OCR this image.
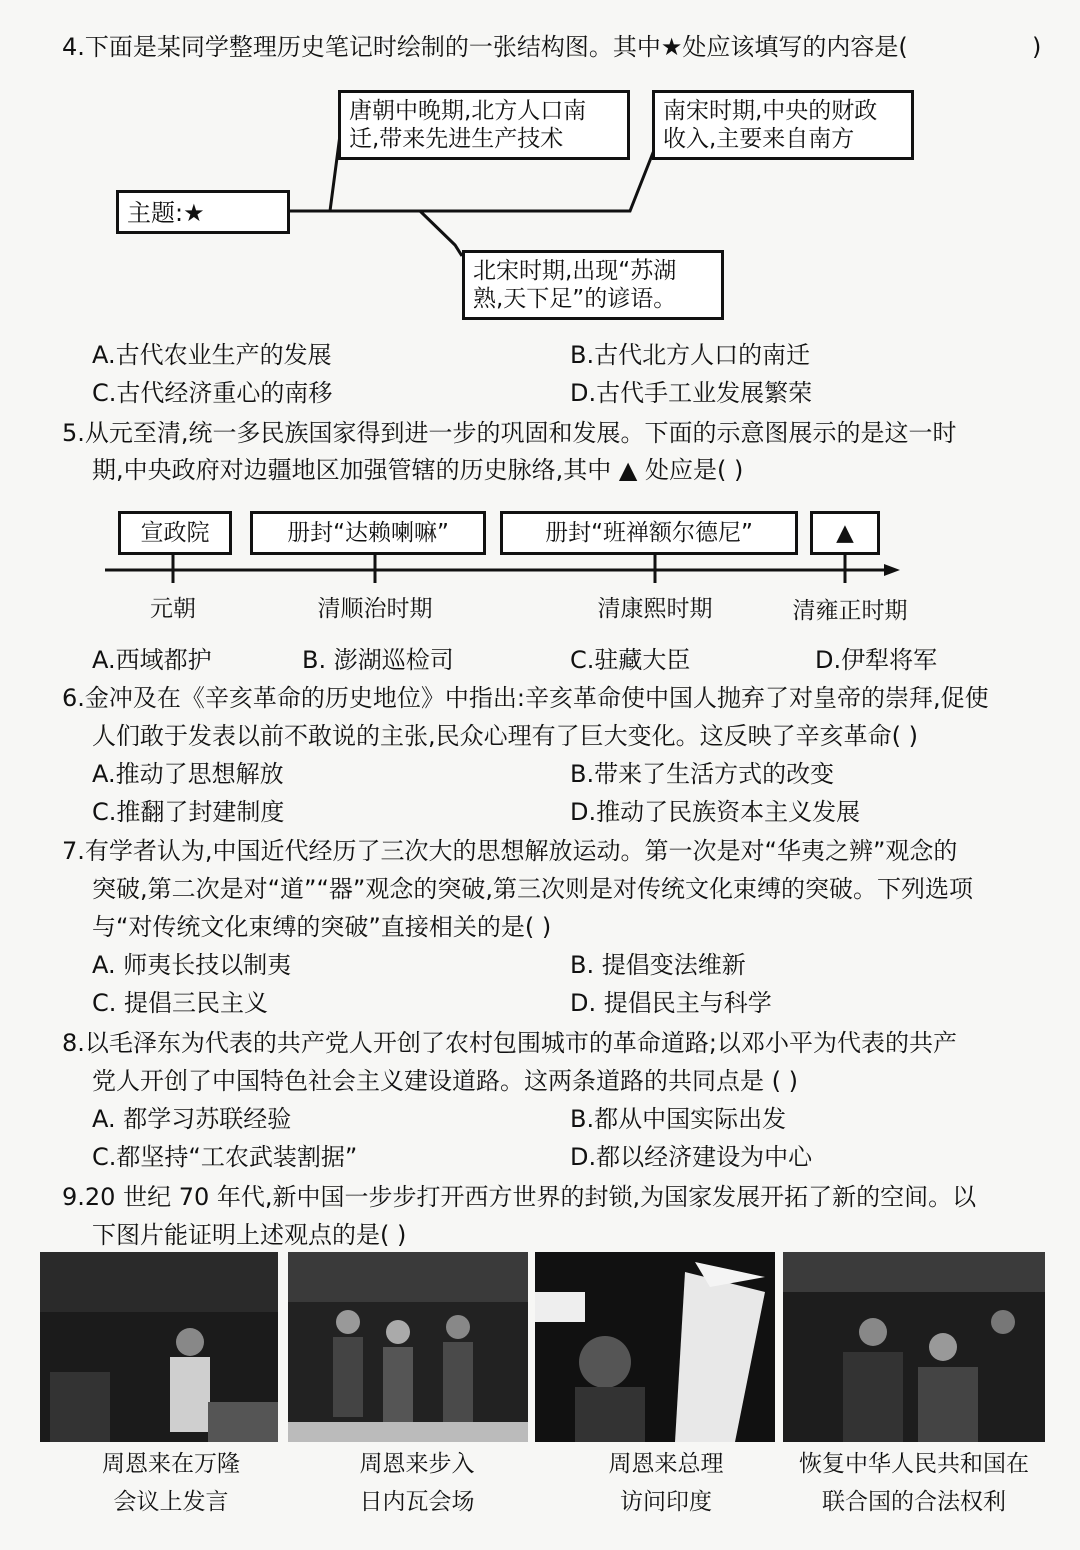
4.下面是某同学整理历史笔记时绘制的一张结构图。其中★处应该填写的内容是(	)
主题:★
唐朝中晚期,北方人口南
迁,带来先进生产技术
南宋时期,中央的财政
收入,主要来自南方
北宋时期,出现“苏湖
熟,天下足”的谚语。
A.古代农业生产的发展	B.古代北方人口的南迁
C.古代经济重心的南移	D.古代手工业发展繁荣
5.从元至清,统一多民族国家得到进一步的巩固和发展。下面的示意图展示的是这一时
期,中央政府对边疆地区加强管辖的历史脉络,其中 ▲ 处应是( )
宣政院	册封“达赖喇嘛”	册封“班禅额尔德尼”	▲
元朝	清顺治时期	清康熙时期	清雍正时期
A.西域都护	B. 澎湖巡检司	C.驻藏大臣	D.伊犁将军
6.金冲及在《辛亥革命的历史地位》中指出:辛亥革命使中国人抛弃了对皇帝的崇拜,促使
人们敢于发表以前不敢说的主张,民众心理有了巨大变化。这反映了辛亥革命( )
A.推动了思想解放	B.带来了生活方式的改变
C.推翻了封建制度	D.推动了民族资本主义发展
7.有学者认为,中国近代经历了三次大的思想解放运动。第一次是对“华夷之辨”观念的
突破,第二次是对“道”“器”观念的突破,第三次则是对传统文化束缚的突破。下列选项
与“对传统文化束缚的突破”直接相关的是( )
A. 师夷长技以制夷	B. 提倡变法维新
C. 提倡三民主义	D. 提倡民主与科学
8.以毛泽东为代表的共产党人开创了农村包围城市的革命道路;以邓小平为代表的共产
党人开创了中国特色社会主义建设道路。这两条道路的共同点是 ( )
A. 都学习苏联经验	B.都从中国实际出发
C.都坚持“工农武装割据”	D.都以经济建设为中心
9.20 世纪 70 年代,新中国一步步打开西方世界的封锁,为国家发展开拓了新的空间。以
下图片能证明上述观点的是( )
周恩来在万隆
会议上发言
周恩来步入
日内瓦会场
周恩来总理
访问印度
恢复中华人民共和国在
联合国的合法权利
